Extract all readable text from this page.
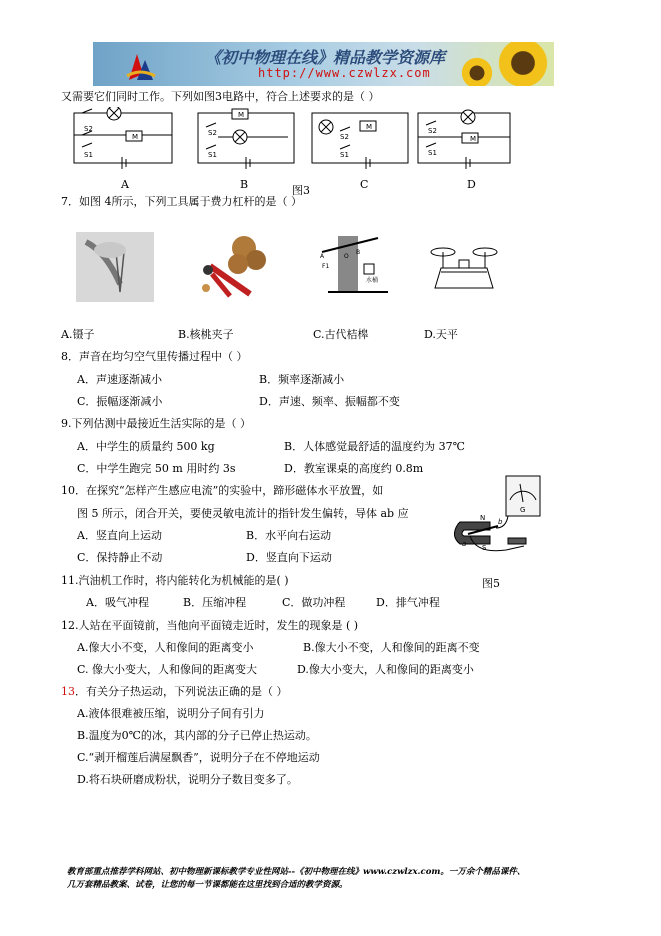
《初中物理在线》精品教学资源库
http://www.czwlzx.com
又需要它们同时工作。下列如图3电路中，符合上述要求的是（ ）
M
M
M
M
S2
S1
S2
S1
S2
S1
S2
S1
A	B	图3	C	D
7．如图 4所示，下列工具属于费力杠杆的是（ ）
A
B
O
F1
水桶
A.镊子	B.核桃夹子	C.古代桔槔	D.天平
8．声音在均匀空气里传播过程中（ ）
A．声速逐渐减小	B．频率逐渐减小
C．振幅逐渐减小	D．声速、频率、振幅都不变
9.下列估测中最接近生活实际的是（ ）
A．中学生的质量约 500 kg	B．人体感觉最舒适的温度约为 37℃
C．中学生跑完 50 m 用时约 3s	D．教室课桌的高度约 0.8m
10．在探究“怎样产生感应电流”的实验中，蹄形磁体水平放置，如
图 5 所示，闭合开关，要使灵敏电流计的指针发生偏转，导体 ab 应
A．竖直向上运动	B．水平向右运动
C．保持静止不动	D．竖直向下运动
N
S
a
b
G
图5
11.汽油机工作时，将内能转化为机械能的是( )
A．吸气冲程	B．压缩冲程	C．做功冲程	D．排气冲程
12.人站在平面镜前，当他向平面镜走近时，发生的现象是 ( )
A.像大小不变，人和像间的距离变小	B.像大小不变，人和像间的距离不变
C. 像大小变大，人和像间的距离变大	D.像大小变大，人和像间的距离变小
13．有关分子热运动，下列说法正确的是（ ）
A.液体很难被压缩，说明分子间有引力
B.温度为0℃的冰，其内部的分子已停止热运动。
C.“剥开榴莲后满屋飘香”，说明分子在不停地运动
D.将石块研磨成粉状，说明分子数目变多了。
教育部重点推荐学科网站、初中物理新课标教学专业性网站--《初中物理在线》www.czwlzx.com。一万余个精品课件、
几万套精品教案、试卷，让您的每一节课都能在这里找到合适的教学资源。
